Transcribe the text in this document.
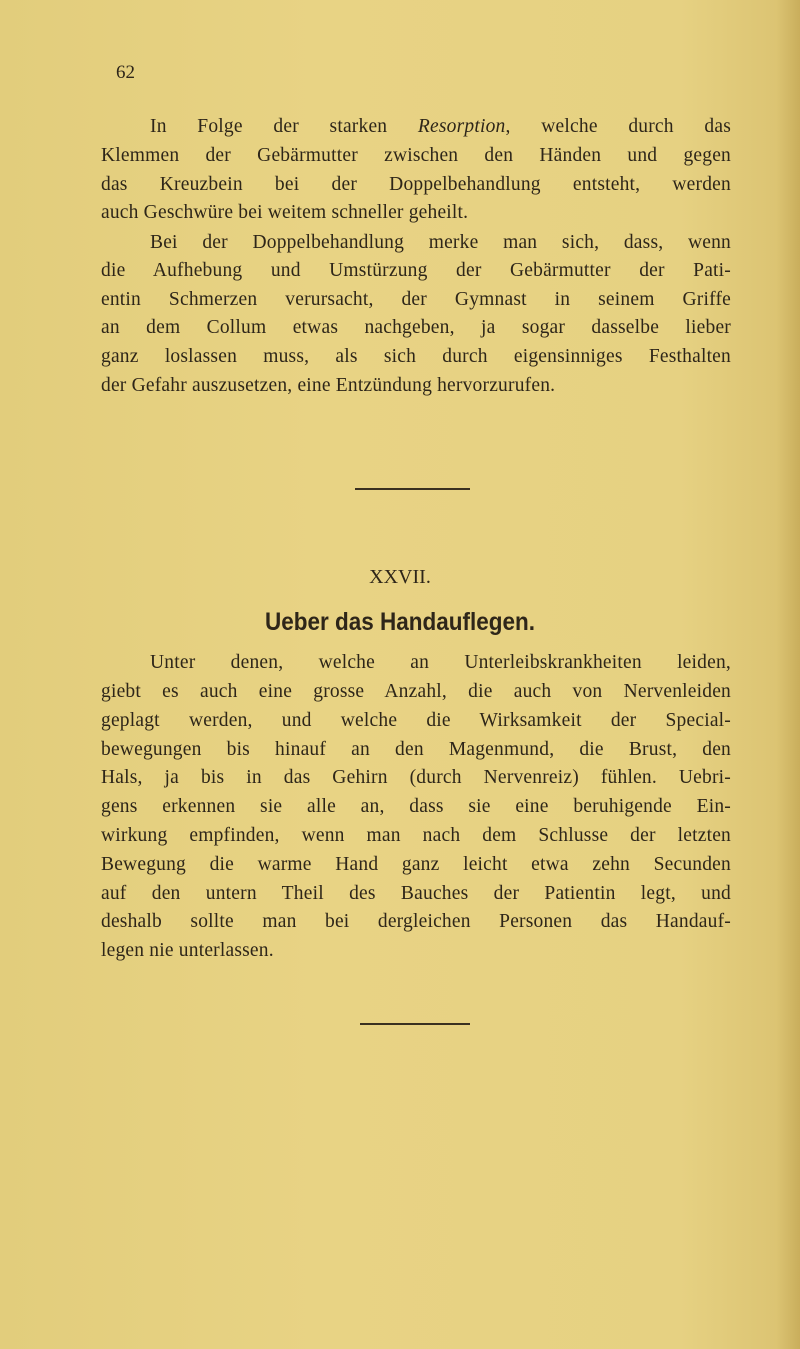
62
In Folge der starken Resorption, welche durch das
Klemmen der Gebärmutter zwischen den Händen und gegen
das Kreuzbein bei der Doppelbehandlung entsteht, werden
auch Geschwüre bei weitem schneller geheilt.
Bei der Doppelbehandlung merke man sich, dass, wenn
die Aufhebung und Umstürzung der Gebärmutter der Pati-
entin Schmerzen verursacht, der Gymnast in seinem Griffe
an dem Collum etwas nachgeben, ja sogar dasselbe lieber
ganz loslassen muss, als sich durch eigensinniges Festhalten
der Gefahr auszusetzen, eine Entzündung hervorzurufen.
XXVII.
Ueber das Handauflegen.
Unter denen, welche an Unterleibskrankheiten leiden,
giebt es auch eine grosse Anzahl, die auch von Nervenleiden
geplagt werden, und welche die Wirksamkeit der Special-
bewegungen bis hinauf an den Magenmund, die Brust, den
Hals, ja bis in das Gehirn (durch Nervenreiz) fühlen. Uebri-
gens erkennen sie alle an, dass sie eine beruhigende Ein-
wirkung empfinden, wenn man nach dem Schlusse der letzten
Bewegung die warme Hand ganz leicht etwa zehn Secunden
auf den untern Theil des Bauches der Patientin legt, und
deshalb sollte man bei dergleichen Personen das Handauf-
legen nie unterlassen.
